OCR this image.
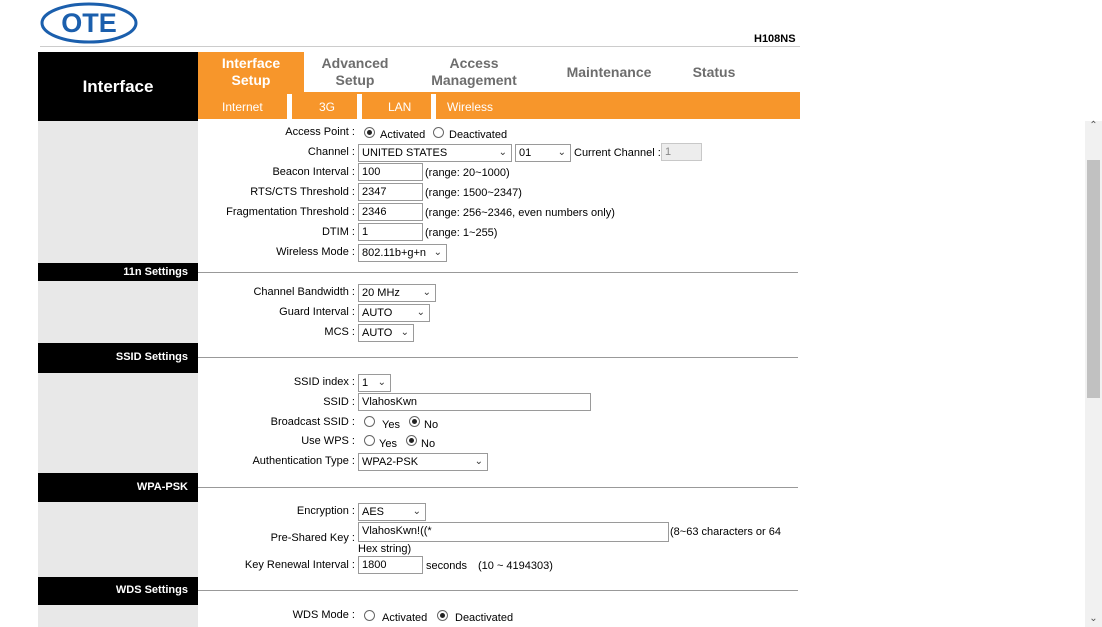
OTE
H108NS
Interface
Interface Setup
Advanced Setup
Access Management
Maintenance	Status
Internet	3G	LAN	Wireless
Access Point : Activated Deactivated
Channel : UNITED STATES	⌄	01	⌄ Current Channel : 1
Beacon Interval : 100	(range: 20~1000)
RTS/CTS Threshold : 2347	(range: 1500~2347)
Fragmentation Threshold : 2346	(range: 256~2346, even numbers only)
DTIM : 1	(range: 1~255)
Wireless Mode : 802.11b+g+n ⌄
11n Settings
Channel Bandwidth : 20 MHz ⌄
Guard Interval : AUTO ⌄
MCS : AUTO ⌄
SSID Settings
SSID index : 1 ⌄
SSID : VlahosKwn
Broadcast SSID : Yes No
Use WPS : Yes No
Authentication Type : WPA2-PSK	⌄
WPA-PSK
Encryption : AES	⌄
Pre-Shared Key :
VlahosKwn!((*	(8~63 characters or 64
Hex string)
Key Renewal Interval : 1800	seconds (10 ~ 4194303)
WDS Settings
WDS Mode : Activated	Deactivated
⌃
⌄
